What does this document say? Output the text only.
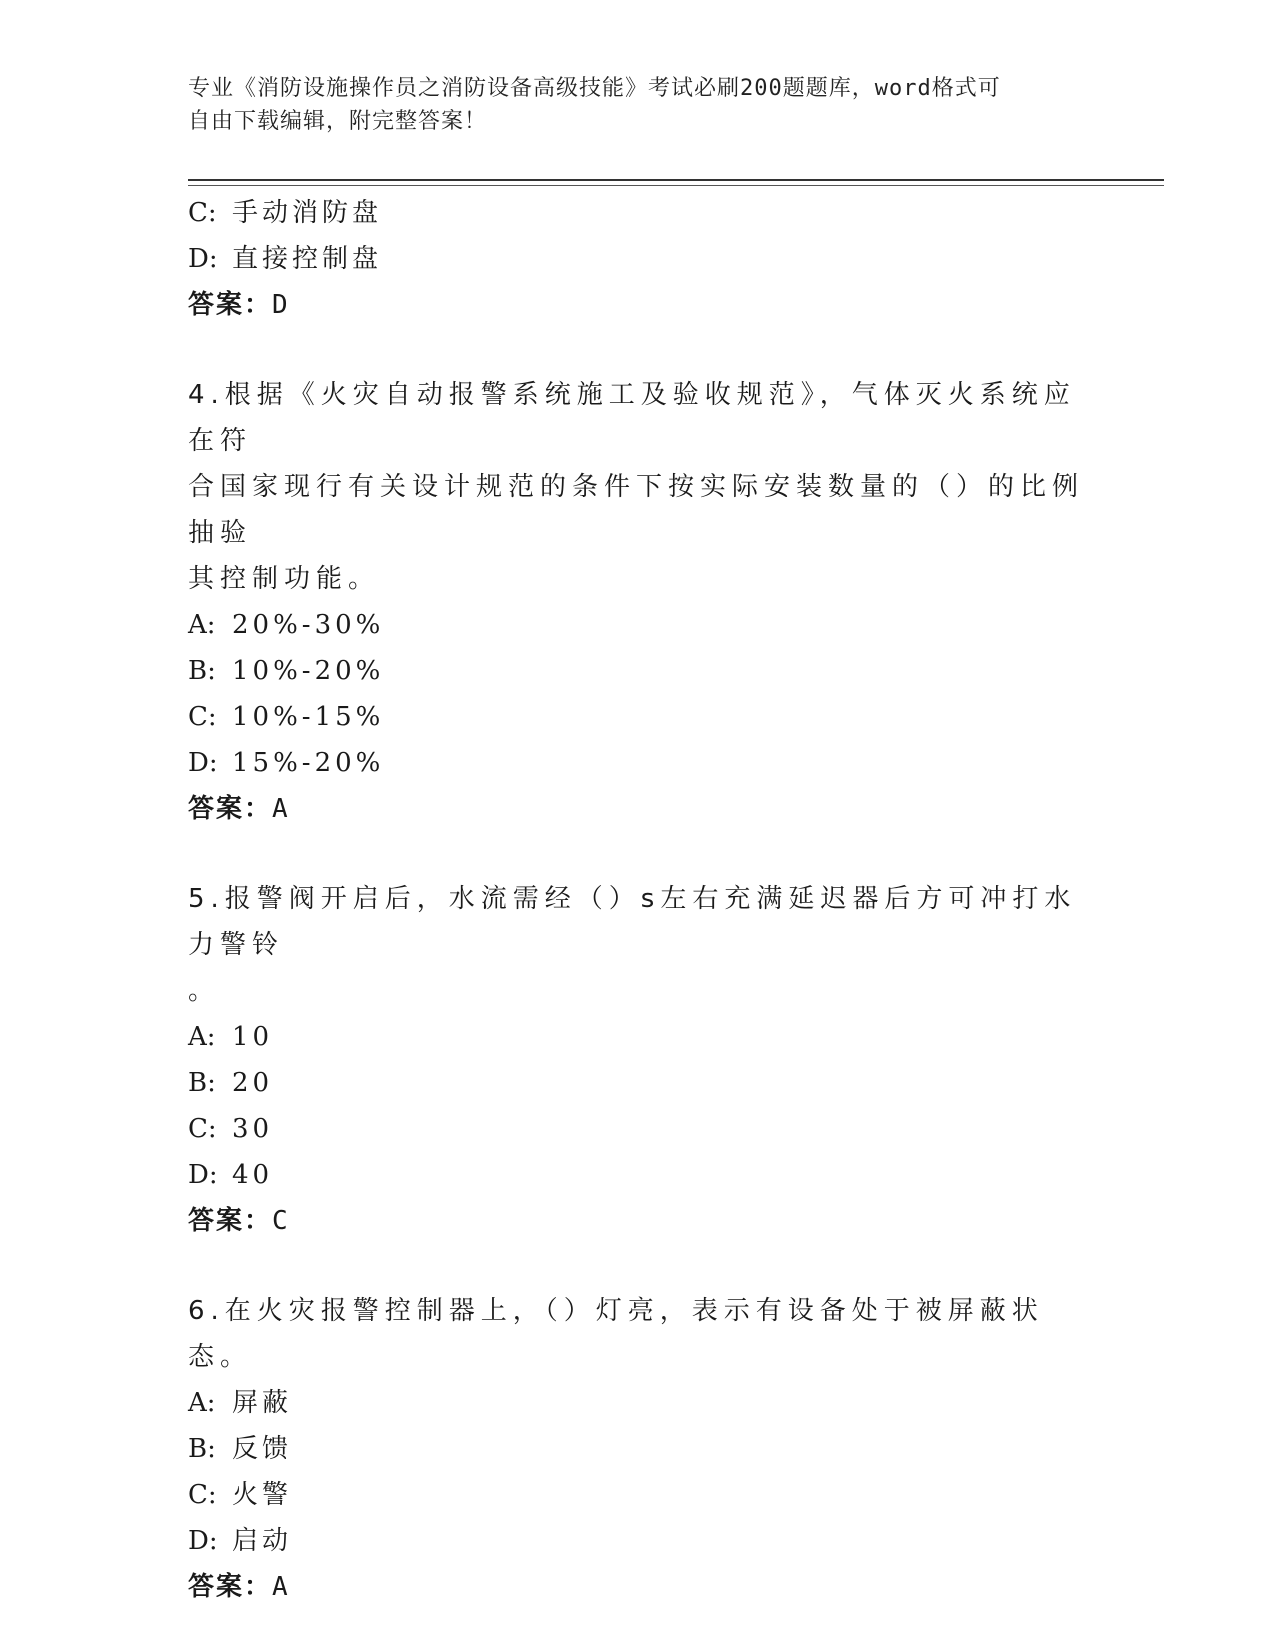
专业《消防设施操作员之消防设备高级技能》考试必刷200题题库，word格式可
自由下载编辑，附完整答案！
C: 手动消防盘
D: 直接控制盘
答案：D
4.根据《火灾自动报警系统施工及验收规范》，气体灭火系统应在符
合国家现行有关设计规范的条件下按实际安装数量的（）的比例抽验
其控制功能。
A: 20%-30%
B: 10%-20%
C: 10%-15%
D: 15%-20%
答案：A
5.报警阀开启后，水流需经（）s左右充满延迟器后方可冲打水力警铃
。
A: 10
B: 20
C: 30
D: 40
答案：C
6.在火灾报警控制器上，（）灯亮，表示有设备处于被屏蔽状态。
A: 屏蔽
B: 反馈
C: 火警
D: 启动
答案：A
